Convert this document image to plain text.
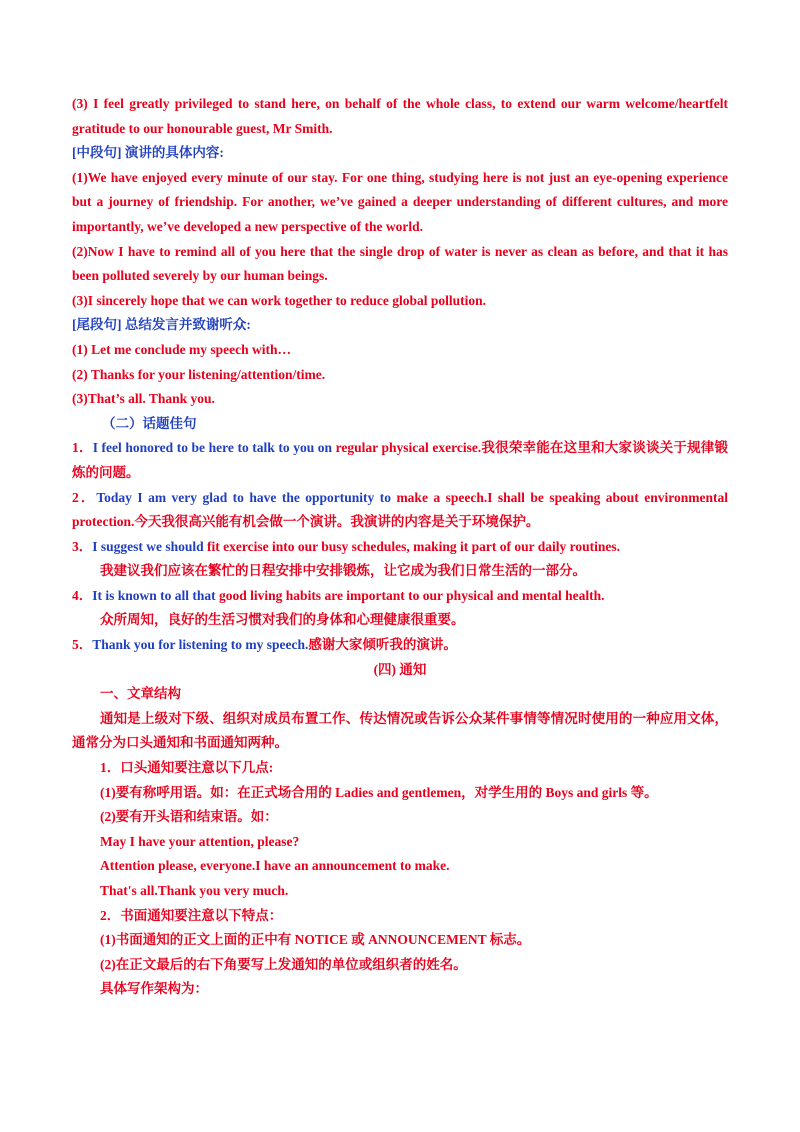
(3) I feel greatly privileged to stand here, on behalf of the whole class, to extend our warm welcome/heartfelt gratitude to our honourable guest, Mr Smith.
[中段句] 演讲的具体内容:
(1)We have enjoyed every minute of our stay. For one thing, studying here is not just an eye-opening experience but a journey of friendship. For another, we’ve gained a deeper understanding of different cultures, and more importantly, we’ve developed a new perspective of the world.
(2)Now I have to remind all of you here that the single drop of water is never as clean as before, and that it has been polluted severely by our human beings.
(3)I sincerely hope that we can work together to reduce global pollution.
[尾段句] 总结发言并致谢听众:
(1) Let me conclude my speech with…
(2) Thanks for your listening/attention/time.
(3)That’s all. Thank you.
（二）话题佳句
1．I feel honored to be here to talk to you on regular physical exercise.我很荣幸能在这里和大家谈谈关于规律锻炼的问题。
2．Today I am very glad to have the opportunity to make a speech.I shall be speaking about environmental protection.今天我很高兴能有机会做一个演讲。我演讲的内容是关于环境保护。
3．I suggest we should fit exercise into our busy schedules, making it part of our daily routines.
我建议我们应该在繁忙的日程安排中安排锻炼，让它成为我们日常生活的一部分。
4．It is known to all that good living habits are important to our physical and mental health.
众所周知，良好的生活习惯对我们的身体和心理健康很重要。
5．Thank you for listening to my speech.感谢大家倾听我的演讲。
(四) 通知
一、文章结构
通知是上级对下级、组织对成员布置工作、传达情况或告诉公众某件事情等情况时使用的一种应用文体，通常分为口头通知和书面通知两种。
1．口头通知要注意以下几点:
(1)要有称呼用语。如：在正式场合用的 Ladies and gentlemen，对学生用的 Boys and girls 等。
(2)要有开头语和结束语。如：
May I have your attention, please?
Attention please, everyone.I have an announcement to make.
That's all.Thank you very much.
2．书面通知要注意以下特点：
(1)书面通知的正文上面的正中有 NOTICE 或 ANNOUNCEMENT 标志。
(2)在正文最后的右下角要写上发通知的单位或组织者的姓名。
具体写作架构为：
